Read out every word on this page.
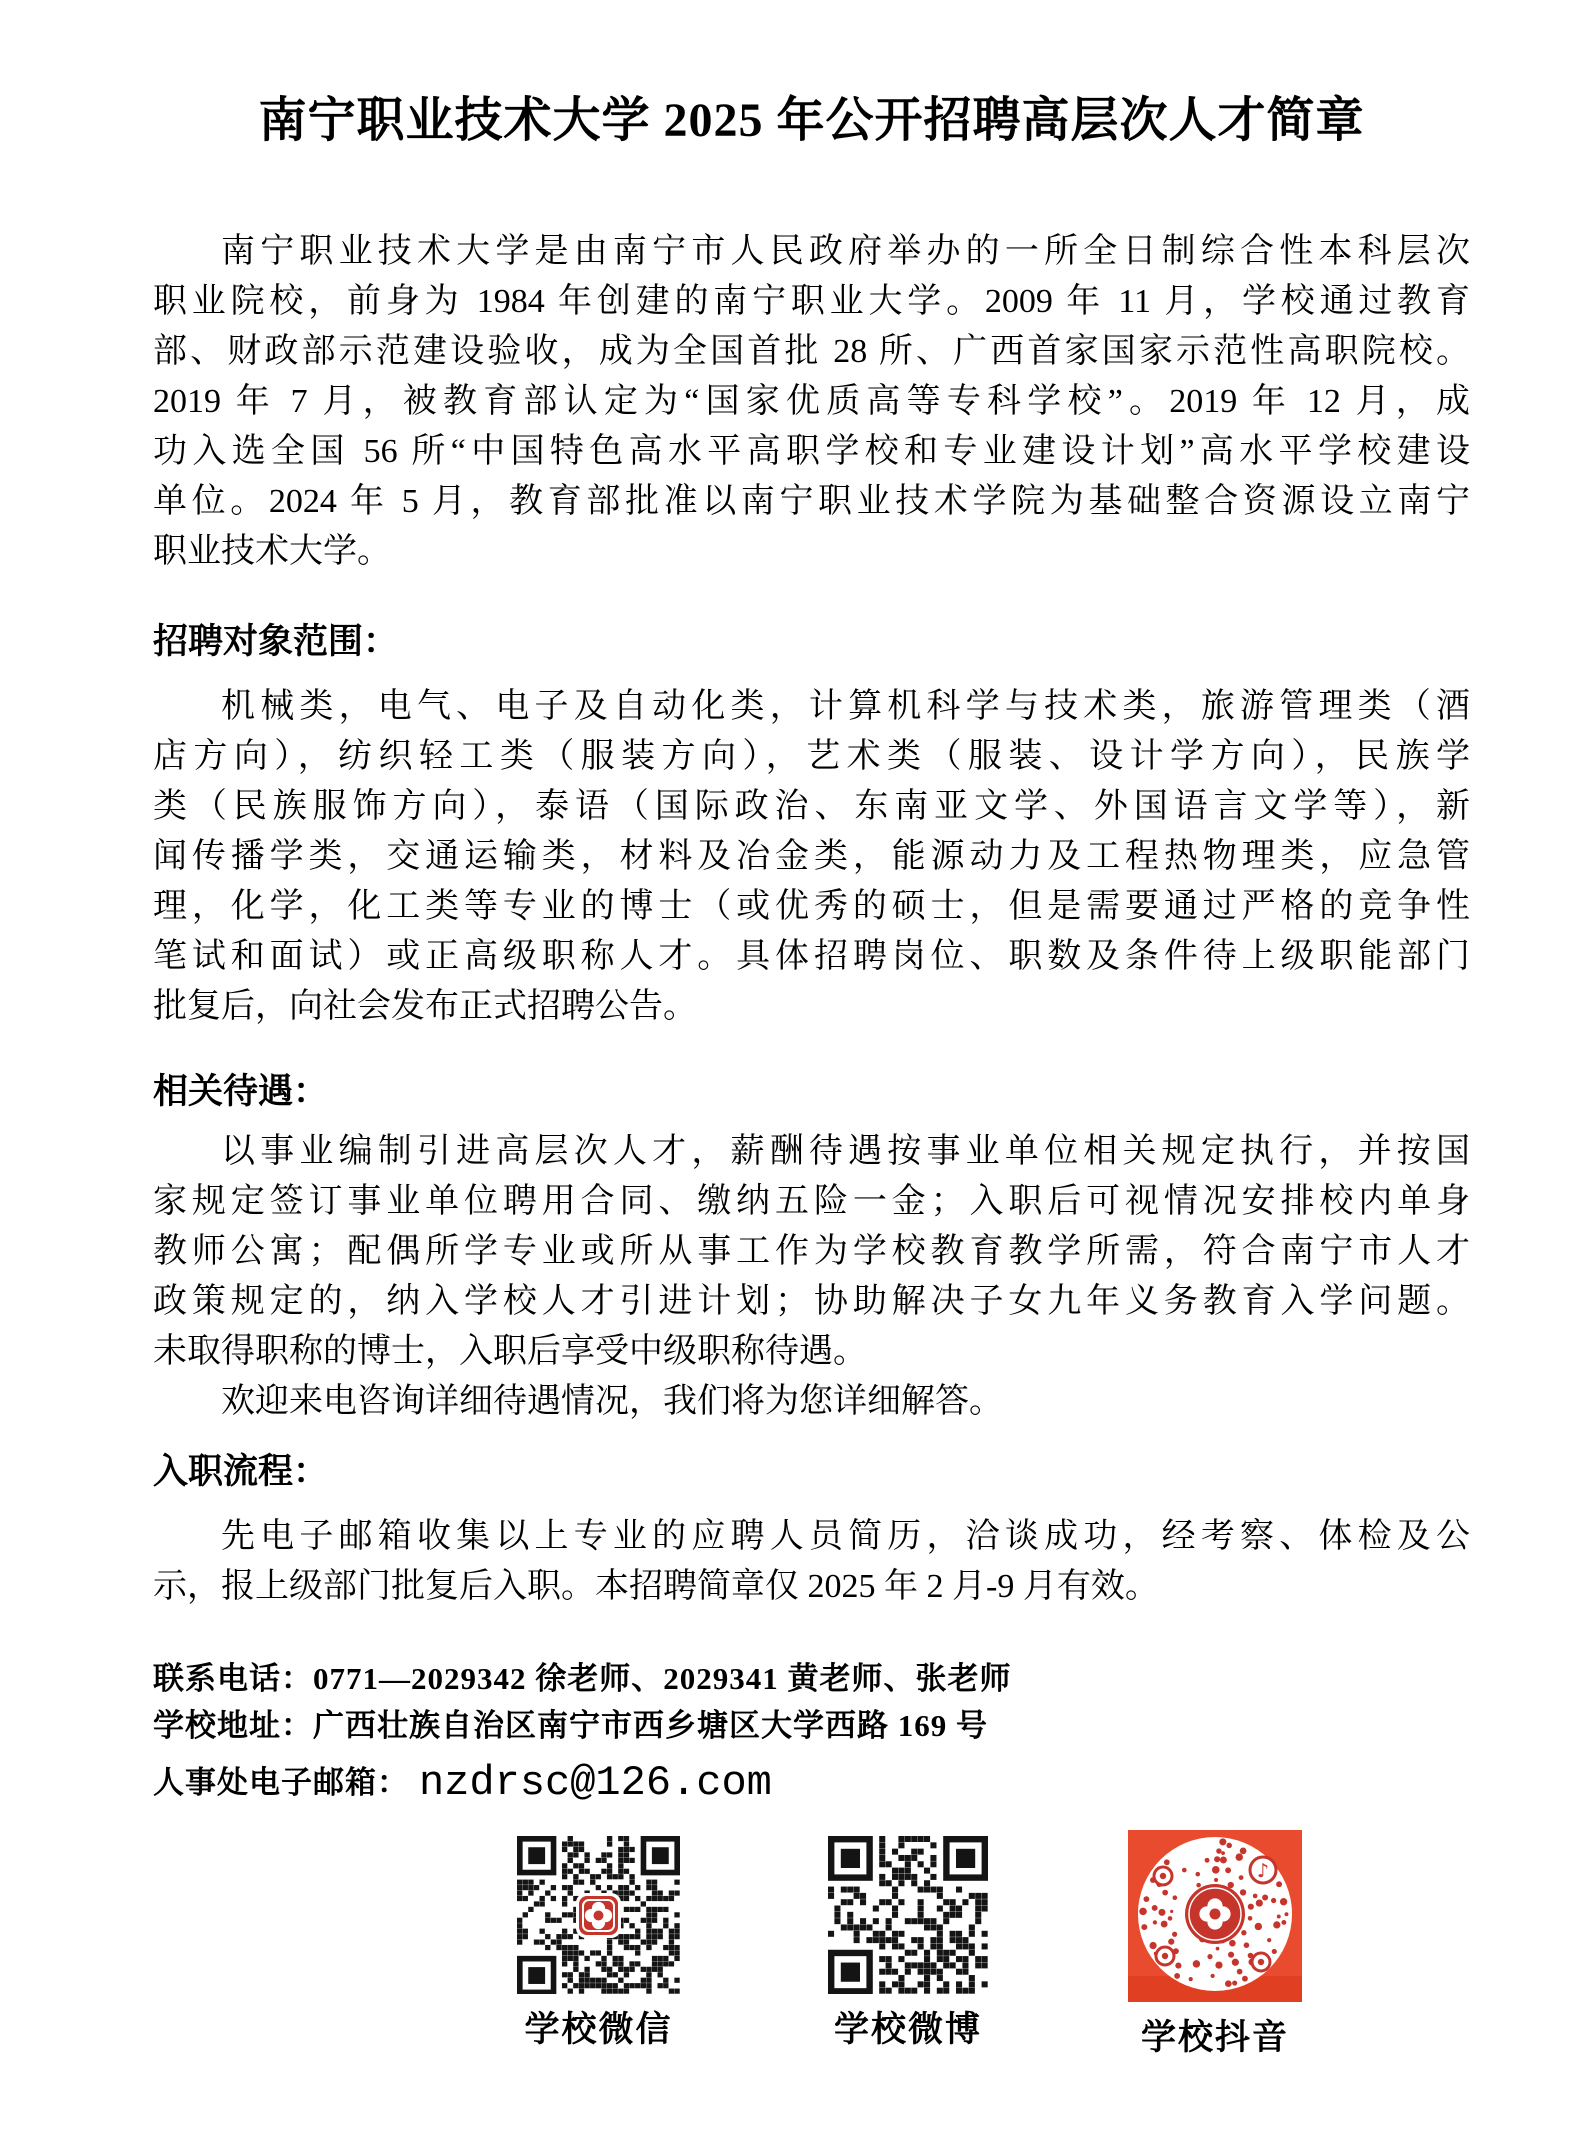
南宁职业技术大学 2025 年公开招聘高层次人才简章
南宁职业技术大学是由南宁市人民政府举办的一所全日制综合性本科层次
职业院校，前身为 1984 年创建的南宁职业大学。2009 年 11 月，学校通过教育
部、财政部示范建设验收，成为全国首批 28 所、广西首家国家示范性高职院校。
2019 年 7 月，被教育部认定为“国家优质高等专科学校”。2019 年 12 月，成
功入选全国 56 所“中国特色高水平高职学校和专业建设计划”高水平学校建设
单位。2024 年 5 月，教育部批准以南宁职业技术学院为基础整合资源设立南宁
职业技术大学。
招聘对象范围：
机械类，电气、电子及自动化类，计算机科学与技术类，旅游管理类（酒
店方向），纺织轻工类（服装方向），艺术类（服装、设计学方向），民族学
类（民族服饰方向），泰语（国际政治、东南亚文学、外国语言文学等），新
闻传播学类，交通运输类，材料及冶金类，能源动力及工程热物理类，应急管
理，化学，化工类等专业的博士（或优秀的硕士，但是需要通过严格的竞争性
笔试和面试）或正高级职称人才。具体招聘岗位、职数及条件待上级职能部门
批复后，向社会发布正式招聘公告。
相关待遇：
以事业编制引进高层次人才，薪酬待遇按事业单位相关规定执行，并按国
家规定签订事业单位聘用合同、缴纳五险一金；入职后可视情况安排校内单身
教师公寓；配偶所学专业或所从事工作为学校教育教学所需，符合南宁市人才
政策规定的，纳入学校人才引进计划；协助解决子女九年义务教育入学问题。
未取得职称的博士，入职后享受中级职称待遇。
欢迎来电咨询详细待遇情况，我们将为您详细解答。
入职流程：
先电子邮箱收集以上专业的应聘人员简历，洽谈成功，经考察、体检及公
示，报上级部门批复后入职。本招聘简章仅 2025 年 2 月-9 月有效。
联系电话：0771—2029342 徐老师、2029341 黄老师、张老师
学校地址：广西壮族自治区南宁市西乡塘区大学西路 169 号
人事处电子邮箱： nzdrsc@126.com
学校微信	学校微博
♪
学校抖音
